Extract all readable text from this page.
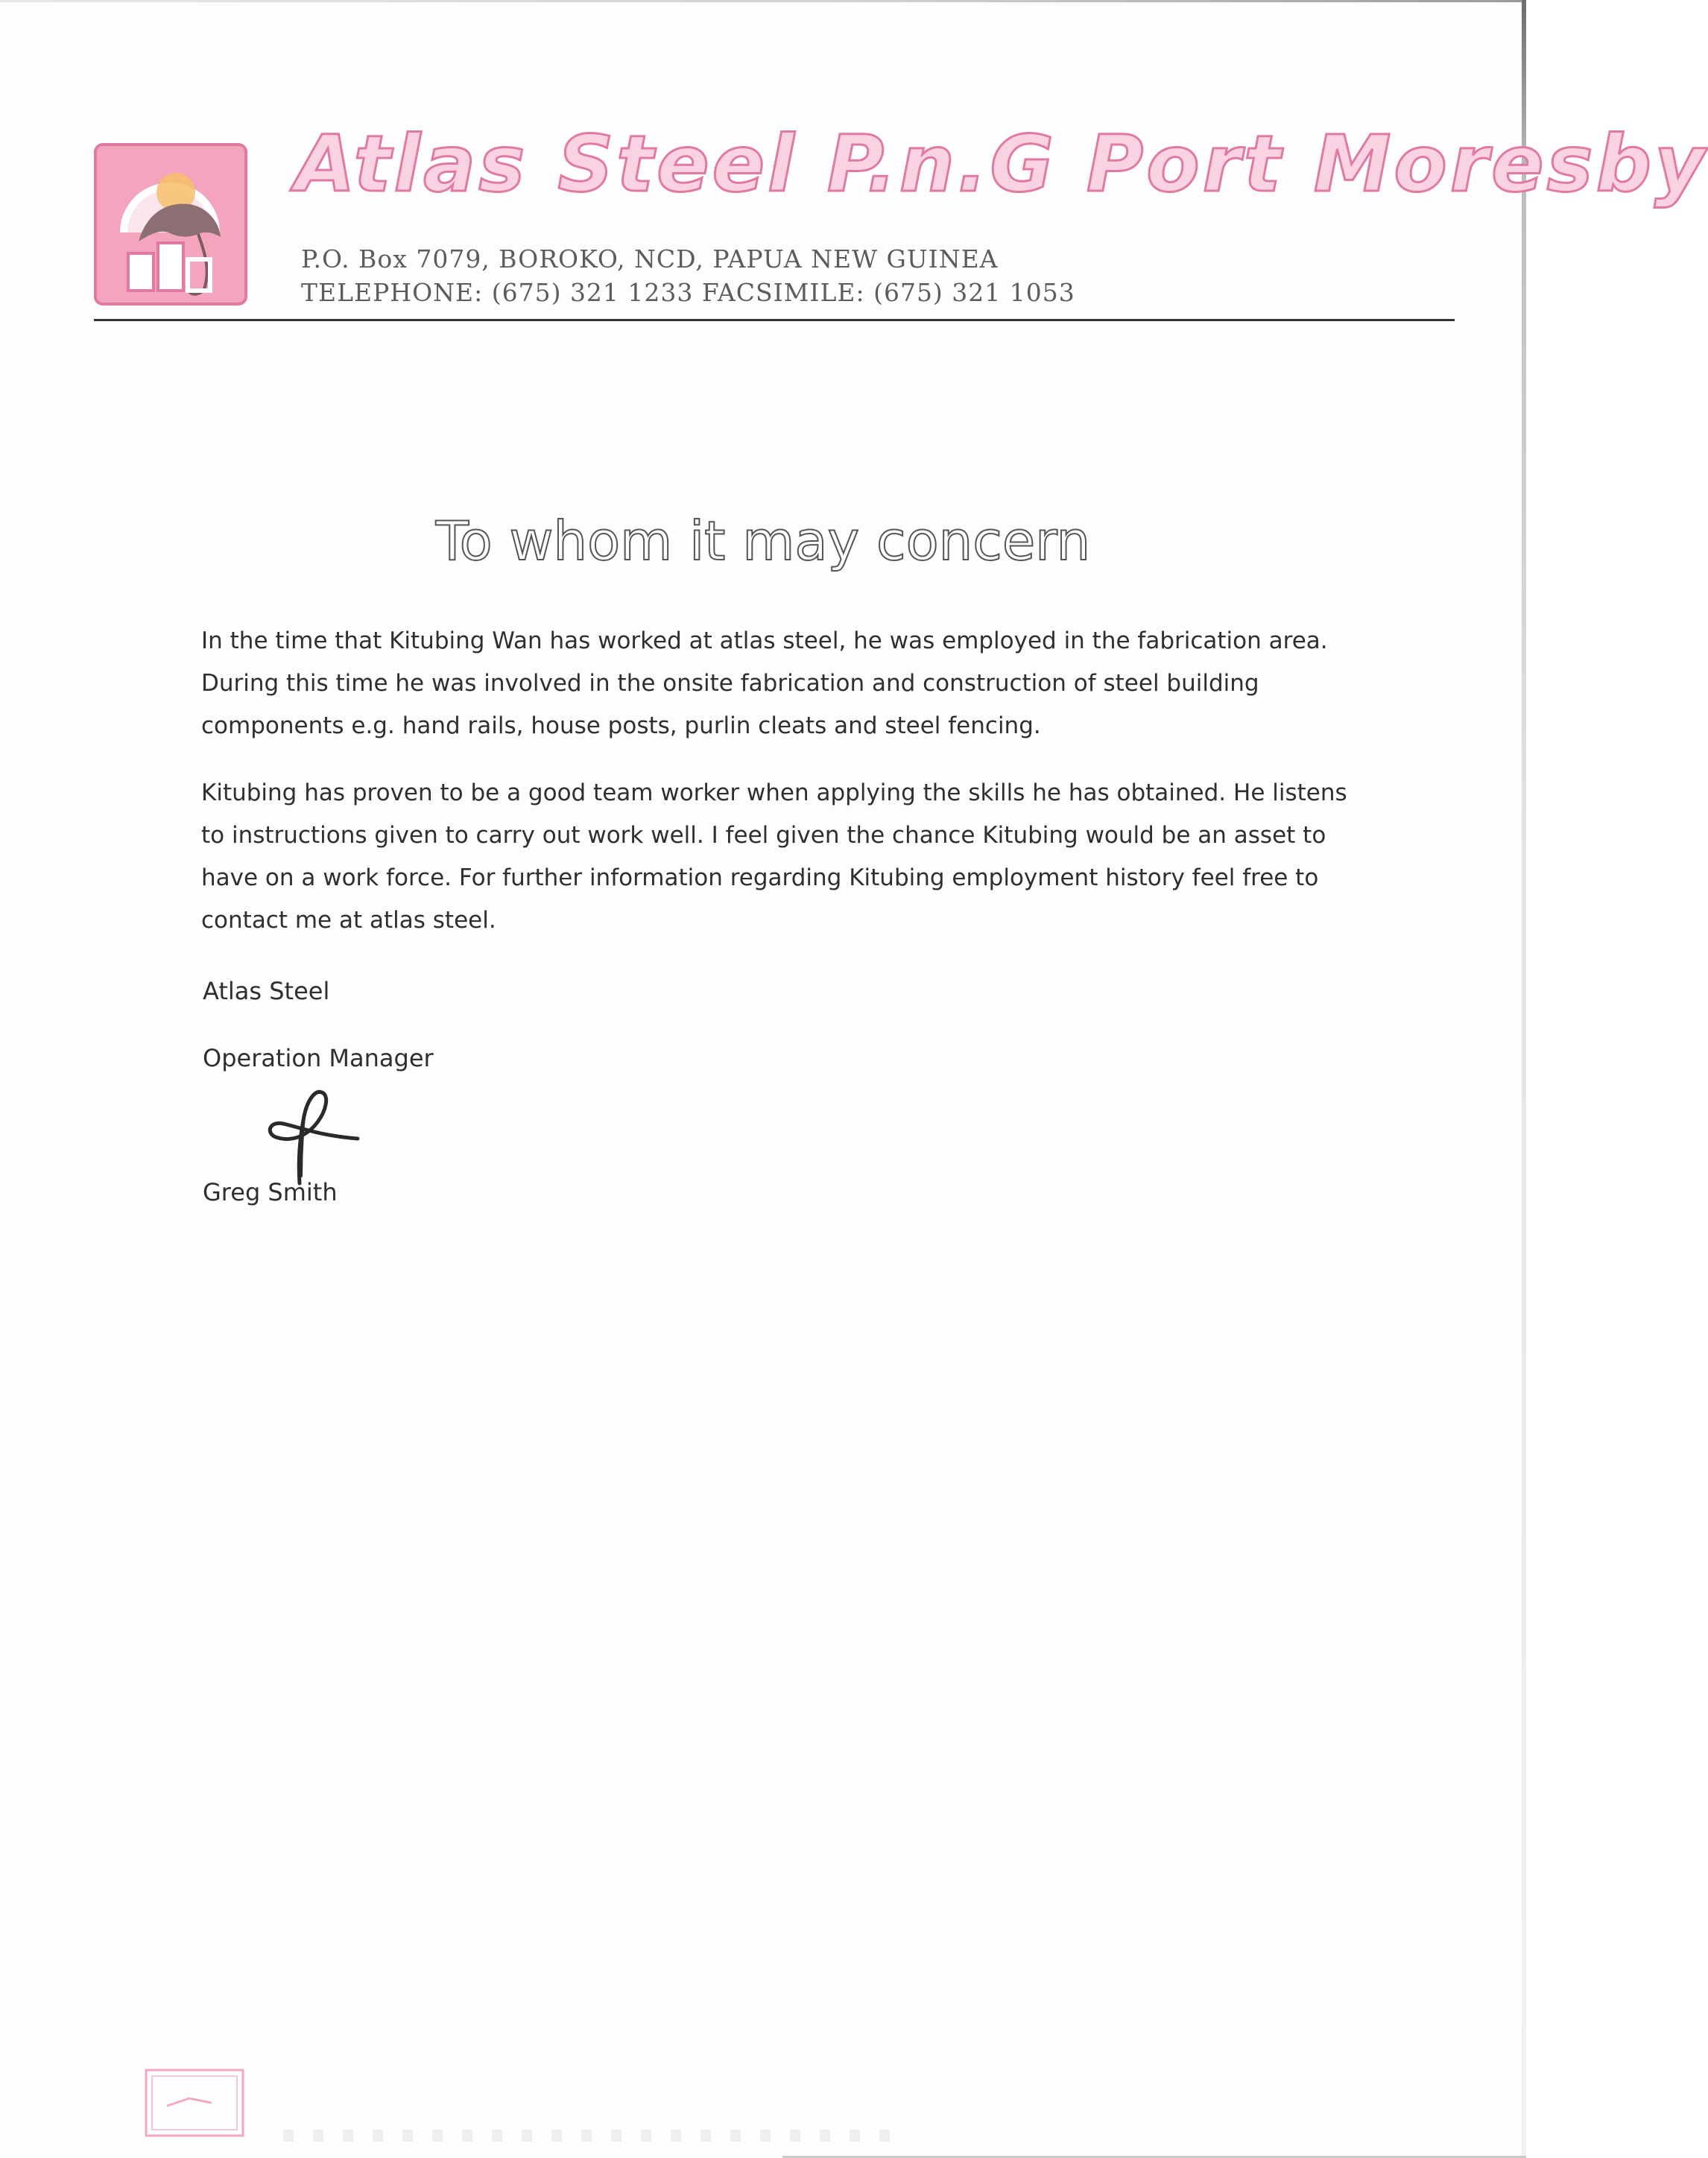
Atlas Steel P.n.G Port Moresby
P.O. Box 7079, BOROKO, NCD, PAPUA NEW GUINEA
TELEPHONE: (675) 321 1233 FACSIMILE: (675) 321 1053
To whom it may concern

In the time that Kitubing Wan has worked at atlas steel, he was employed in the fabrication area. During this time he was involved in the onsite fabrication and construction of steel building components e.g. hand rails, house posts, purlin cleats and steel fencing.

Kitubing has proven to be a good team worker when applying the skills he has obtained. He listens to instructions given to carry out work well. I feel given the chance Kitubing would be an asset to have on a work force. For further information regarding Kitubing employment history feel free to contact me at atlas steel.

Atlas Steel
Operation Manager
Greg Smith
